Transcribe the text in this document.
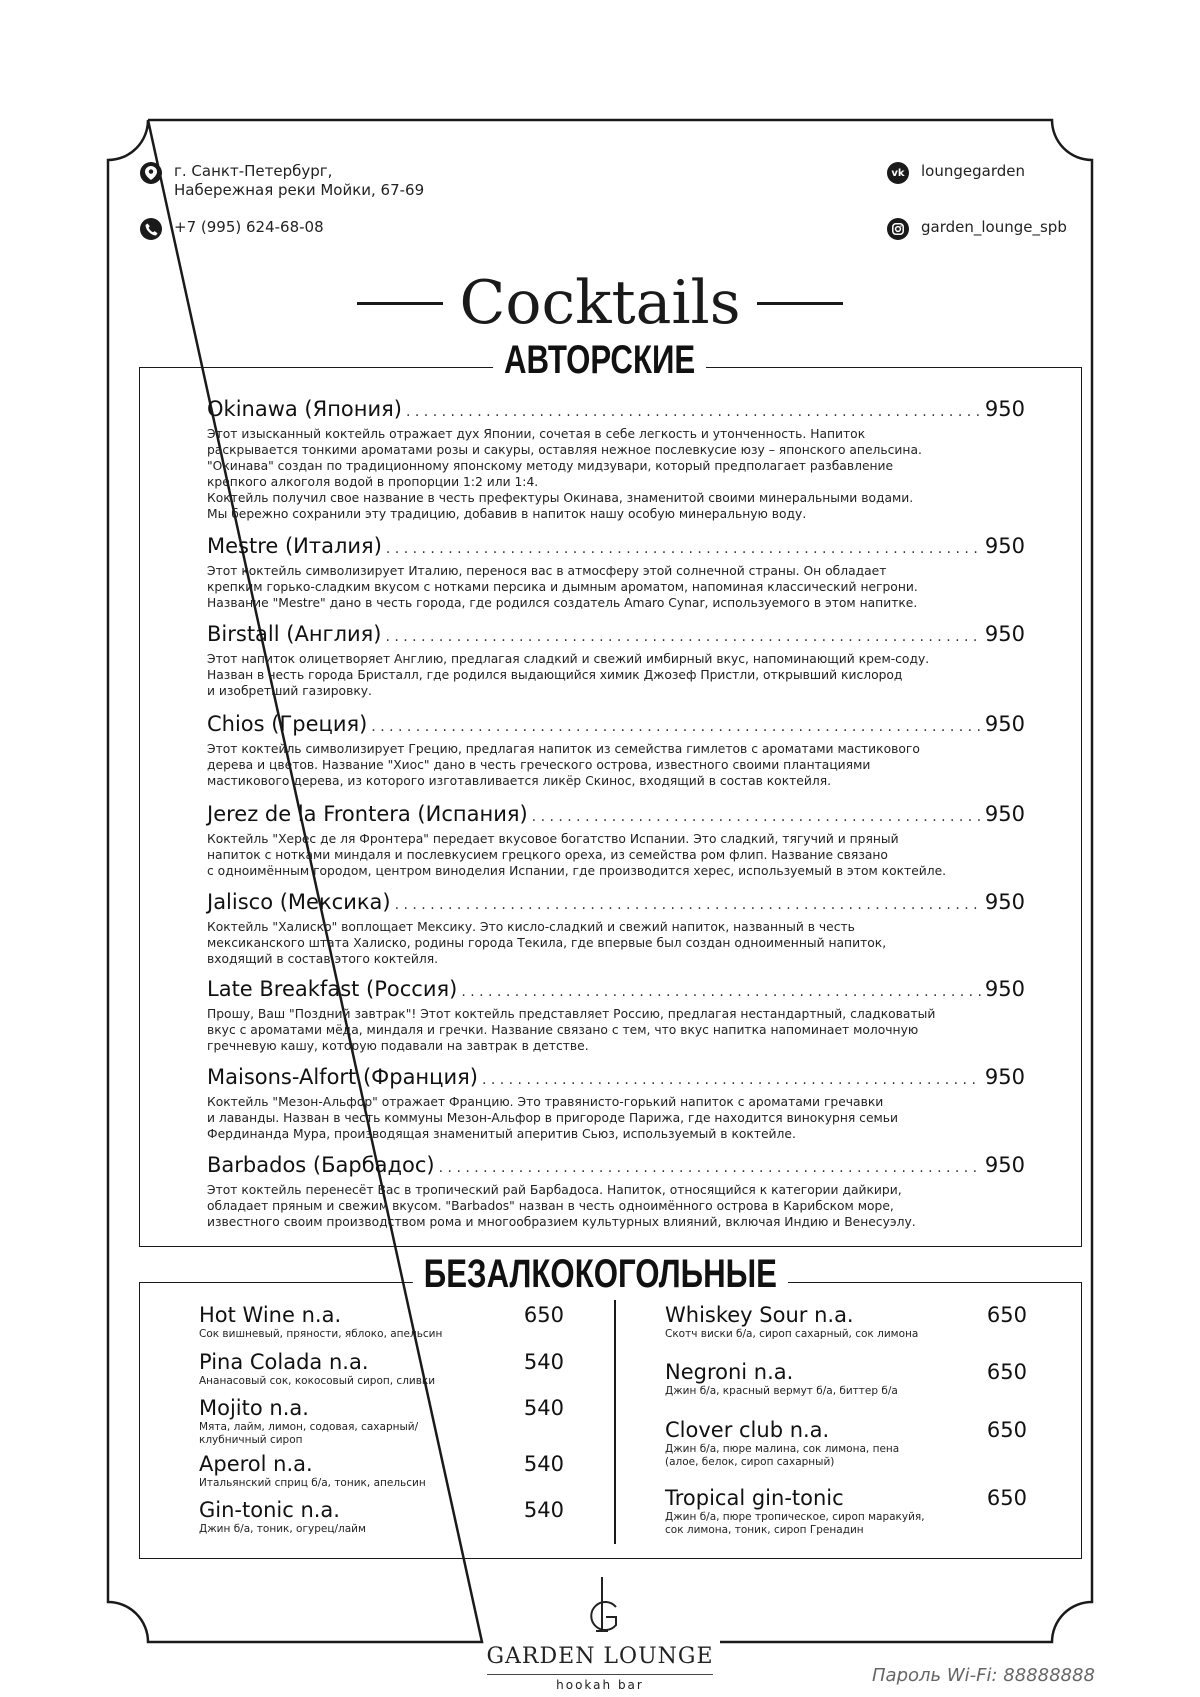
г. Санкт-Петербург,
Набережная реки Мойки, 67-69
+7 (995) 624-68-08
vk loungegarden
garden_lounge_spb
Cocktails
АВТОРСКИЕ
Okinawa (Япония) . . .	950
Этот изысканный коктейль отражает дух Японии, сочетая в себе легкость и утонченность. Напиток
раскрывается тонкими ароматами розы и сакуры, оставляя нежное послевкусие юзу – японского апельсина.
"Окинава" создан по традиционному японскому методу мидзувари, который предполагает разбавление
крепкого алкоголя водой в пропорции 1:2 или 1:4.
Коктейль получил свое название в честь префектуры Окинава, знаменитой своими минеральными водами.
Мы бережно сохранили эту традицию, добавив в напиток нашу особую минеральную воду.
Mestre (Италия) . . .	950
Этот коктейль символизирует Италию, перенося вас в атмосферу этой солнечной страны. Он обладает
крепким горько-сладким вкусом с нотками персика и дымным ароматом, напоминая классический негрони.
Название "Mestre" дано в честь города, где родился создатель Amaro Cynar, используемого в этом напитке.
Birstall (Англия) . . .	950
Этот напиток олицетворяет Англию, предлагая сладкий и свежий имбирный вкус, напоминающий крем-соду.
Назван в честь города Бристалл, где родился выдающийся химик Джозеф Пристли, открывший кислород
и изобретший газировку.
Chios (Греция) . . .	950
Этот коктейль символизирует Грецию, предлагая напиток из семейства гимлетов с ароматами мастикового
дерева и цветов. Название "Хиос" дано в честь греческого острова, известного своими плантациями
мастикового дерева, из которого изготавливается ликёр Скинос, входящий в состав коктейля.
Jerez de la Frontera (Испания) . . .	950
Коктейль "Херес де ля Фронтера" передает вкусовое богатство Испании. Это сладкий, тягучий и пряный
напиток с нотками миндаля и послевкусием грецкого ореха, из семейства ром флип. Название связано
с одноимённым городом, центром виноделия Испании, где производится херес, используемый в этом коктейле.
Jalisco (Мексика) . . .	950
Коктейль "Халиско" воплощает Мексику. Это кисло-сладкий и свежий напиток, названный в честь
мексиканского штата Халиско, родины города Текила, где впервые был создан одноименный напиток,
входящий в состав этого коктейля.
Late Breakfast (Россия) . . .	950
Прошу, Ваш "Поздний завтрак"! Этот коктейль представляет Россию, предлагая нестандартный, сладковатый
вкус с ароматами мёда, миндаля и гречки. Название связано с тем, что вкус напитка напоминает молочную
гречневую кашу, которую подавали на завтрак в детстве.
Maisons-Alfort (Франция) . . .	950
Коктейль "Мезон-Альфор" отражает Францию. Это травянисто-горький напиток с ароматами гречавки
и лаванды. Назван в честь коммуны Мезон-Альфор в пригороде Парижа, где находится винокурня семьи
Фердинанда Мура, производящая знаменитый аперитив Сьюз, используемый в коктейле.
Barbados (Барбадос) . . .	950
Этот коктейль перенесёт Вас в тропический рай Барбадоса. Напиток, относящийся к категории дайкири,
обладает пряным и свежим вкусом. "Barbados" назван в честь одноимённого острова в Карибском море,
известного своим производством рома и многообразием культурных влияний, включая Индию и Венесуэлу.
БЕЗАЛКОКОГОЛЬНЫЕ
Hot Wine n.a.	650
Сок вишневый, пряности, яблоко, апельсин
Pina Colada n.a.	540
Ананасовый сок, кокосовый сироп, сливки
Mojito n.a.	540
Мята, лайм, лимон, содовая, сахарный/
клубничный сироп
Aperol n.a.	540
Итальянский сприц б/а, тоник, апельсин
Gin-tonic n.a.	540
Джин б/а, тоник, огурец/лайм
Whiskey Sour n.a.	650
Скотч виски б/а, сироп сахарный, сок лимона
Negroni n.a.	650
Джин б/а, красный вермут б/а, биттер б/а
Clover club n.a.	650
Джин б/а, пюре малина, сок лимона, пена
(алое, белок, сироп сахарный)
Tropical gin-tonic	650
Джин б/а, пюре тропическое, сироп маракуйя,
сок лимона, тоник, сироп Гренадин
GARDEN LOUNGE
hookah bar	Пароль Wi-Fi: 88888888
